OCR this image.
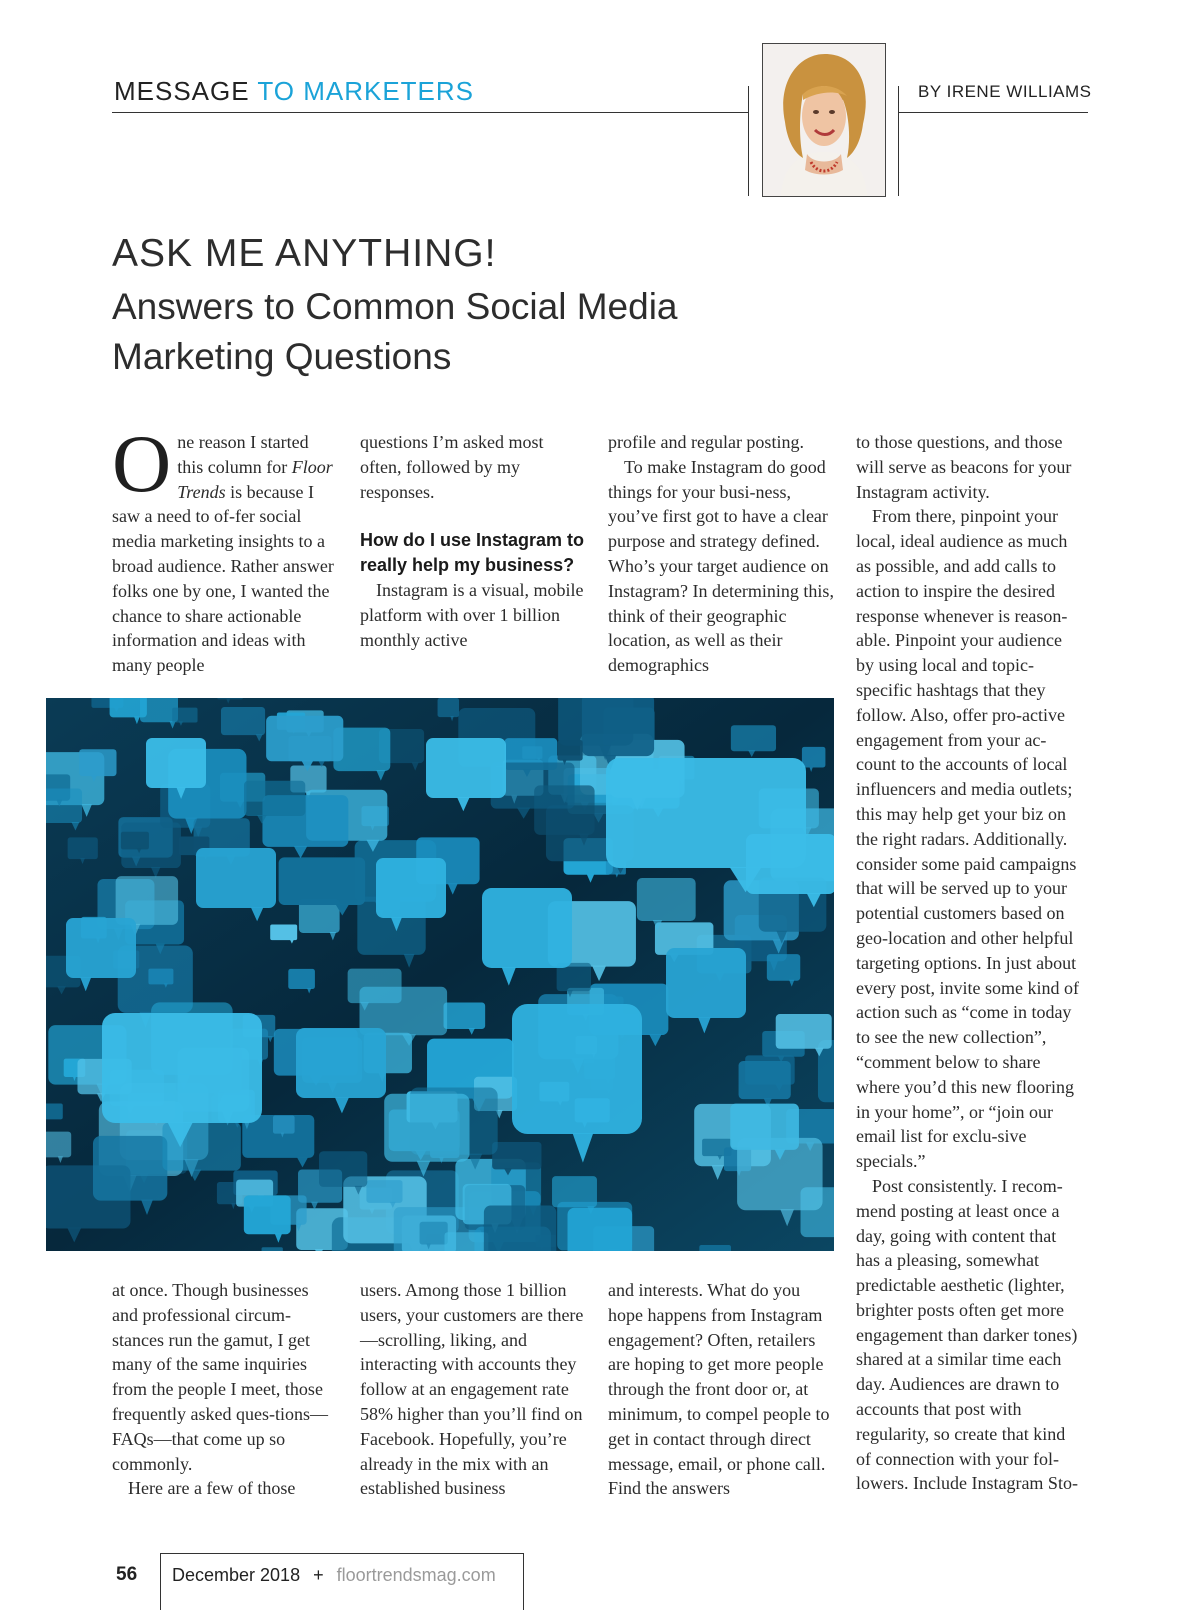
MESSAGE TO MARKETERS	BY IRENE WILLIAMS
ASK ME ANYTHING!
Answers to Common Social Media
Marketing Questions

One reason I started this column for Floor Trends is because I saw a need to of-fer social media marketing insights to a broad audience. Rather answer folks one by one, I wanted the chance to share actionable information and ideas with many people

questions I’m asked most often, followed by my responses.

How do I use Instagram to really help my business?

Instagram is a visual, mobile platform with over 1 billion monthly active

profile and regular posting.

To make Instagram do good things for your busi-ness, you’ve first got to have a clear purpose and strategy defined. Who’s your target audience on Instagram? In determining this, think of their geographic location, as well as their demographics

to those questions, and those will serve as beacons for your Instagram activity.

From there, pinpoint your local, ideal audience as much as possible, and add calls to action to inspire the desired response whenever is reason-able. Pinpoint your audience by using local and topic-specific hashtags that they follow. Also, offer pro-active engagement from your ac-count to the accounts of local influencers and media outlets; this may help get your biz on the right radars. Additionally. consider some paid campaigns that will be served up to your potential customers based on geo-location and other helpful targeting options. In just about every post, invite some kind of action such as “come in today to see the new collection”, “comment below to share where you’d this new flooring in your home”, or “join our email list for exclu-sive specials.”

Post consistently. I recom-mend posting at least once a day, going with content that has a pleasing, somewhat predictable aesthetic (lighter, brighter posts often get more engagement than darker tones) shared at a similar time each day. Audiences are drawn to accounts that post with regularity, so create that kind of connection with your fol-lowers. Include Instagram Sto-

at once. Though businesses and professional circum-stances run the gamut, I get many of the same inquiries from the people I meet, those frequently asked ques-tions—FAQs—that come up so commonly.

Here are a few of those

users. Among those 1 billion users, your customers are there—scrolling, liking, and interacting with accounts they follow at an engagement rate 58% higher than you’ll find on Facebook. Hopefully, you’re already in the mix with an established business

and interests. What do you hope happens from Instagram engagement? Often, retailers are hoping to get more people through the front door or, at minimum, to compel people to get in contact through direct message, email, or phone call. Find the answers

56 December 2018 + floortrendsmag.com
